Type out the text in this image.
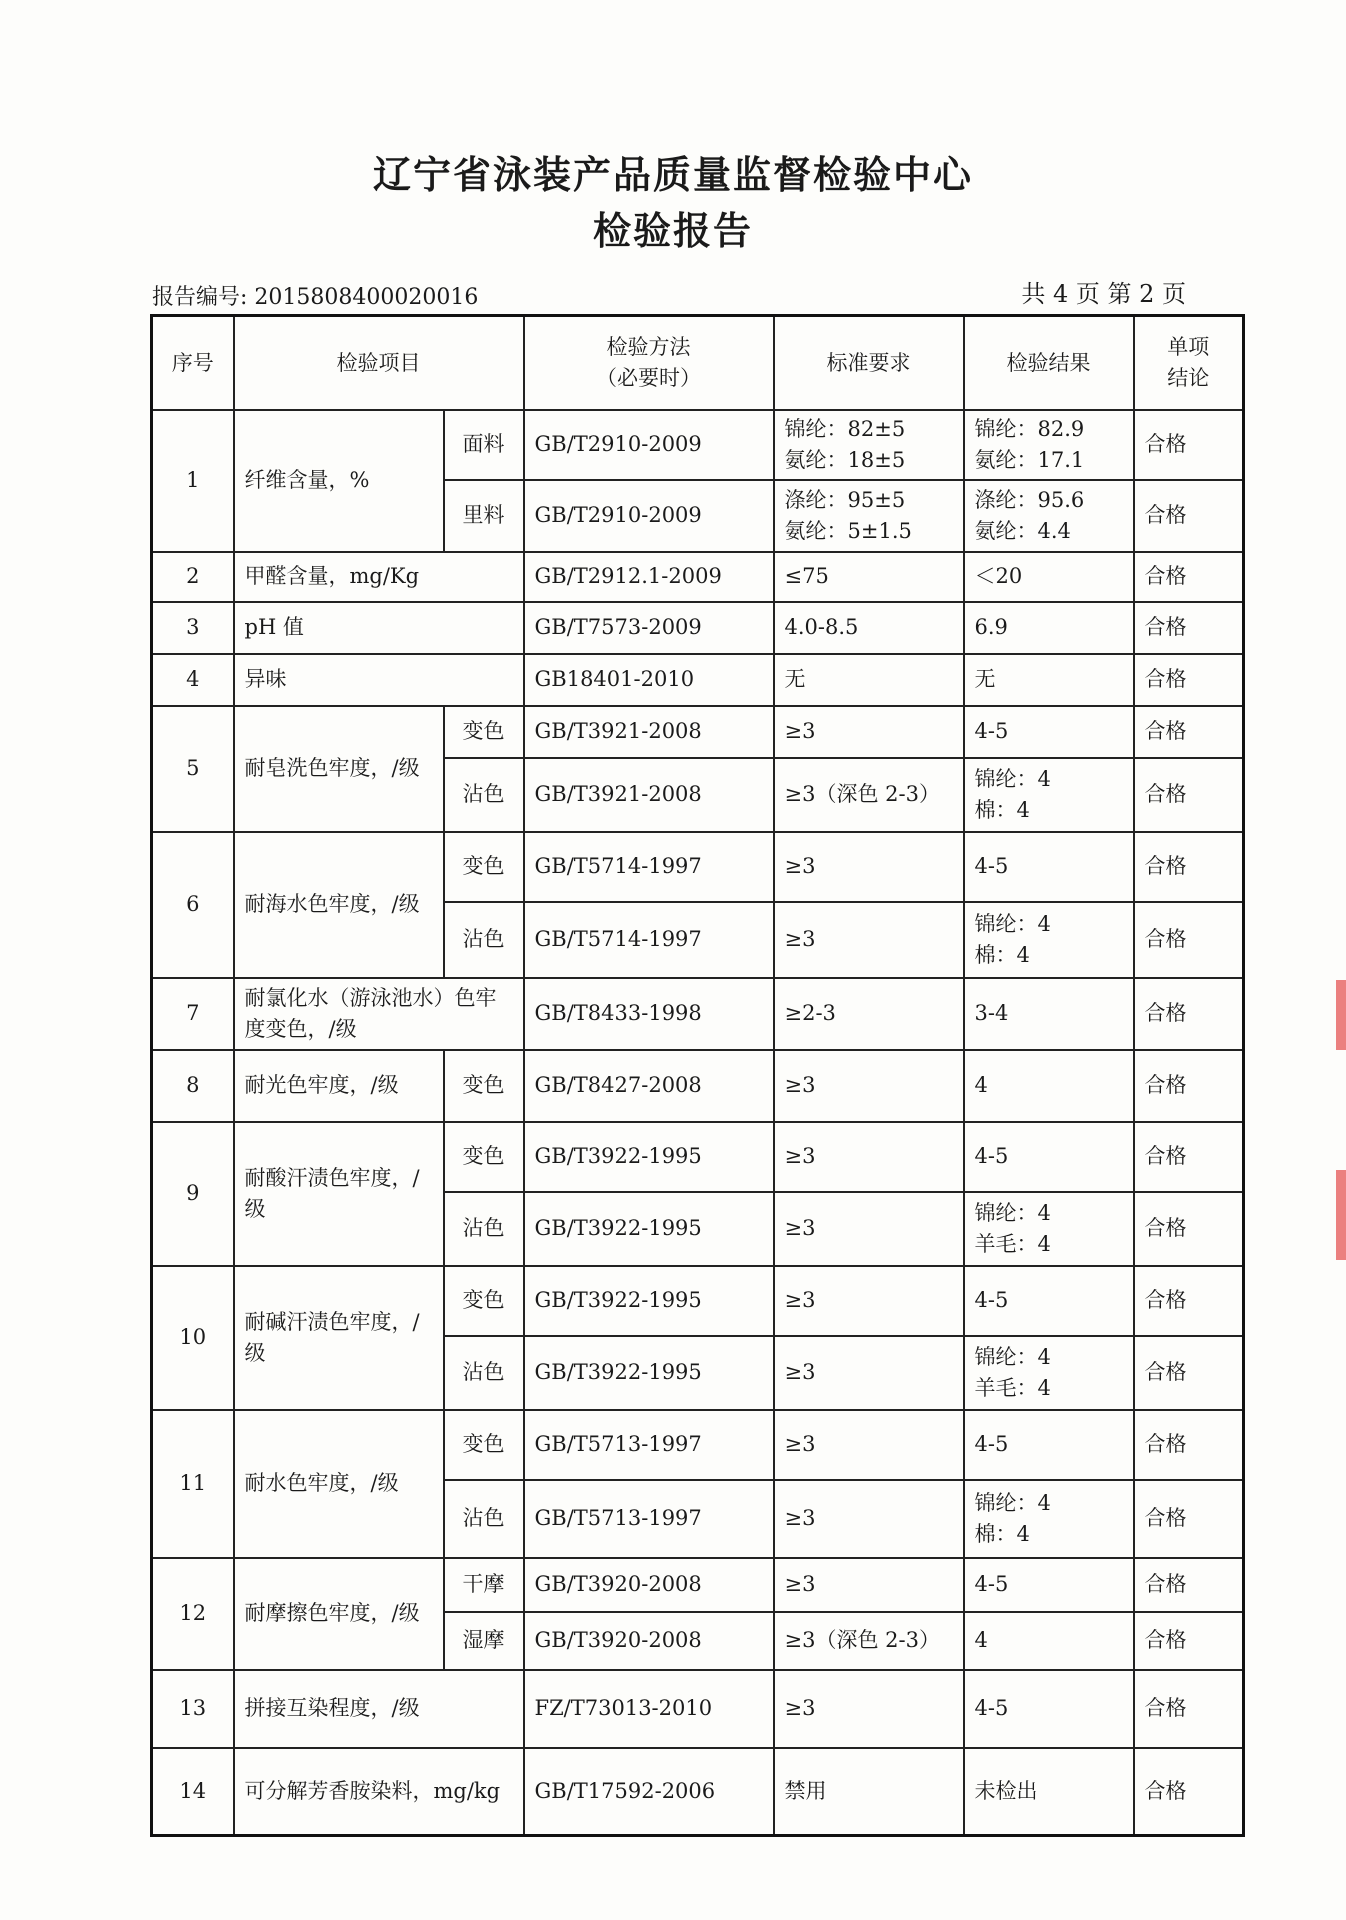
辽宁省泳装产品质量监督检验中心
检验报告
报告编号: 2015808400020016	共 4 页 第 2 页
序号	检验项目		检验方法
（必要时）	标准要求	检验结果	单项
结论
1	纤维含量，%	面料	GB/T2910-2009	锦纶：82±5
氨纶：18±5	锦纶：82.9
氨纶：17.1	合格
		里料	GB/T2910-2009	涤纶：95±5
氨纶：5±1.5	涤纶：95.6
氨纶：4.4	合格
2	甲醛含量，mg/Kg		GB/T2912.1-2009	≤75	＜20	合格
3	pH 值		GB/T7573-2009	4.0-8.5	6.9	合格
4	异味		GB18401-2010	无	无	合格
5	耐皂洗色牢度，/级	变色	GB/T3921-2008	≥3	4-5	合格
		沾色	GB/T3921-2008	≥3（深色 2-3）	锦纶：4
棉：4	合格
6	耐海水色牢度，/级	变色	GB/T5714-1997	≥3	4-5	合格
		沾色	GB/T5714-1997	≥3	锦纶：4
棉：4	合格
7	耐氯化水（游泳池水）色牢度变色，/级		GB/T8433-1998	≥2-3	3-4	合格
8	耐光色牢度，/级	变色	GB/T8427-2008	≥3	4	合格
9	耐酸汗渍色牢度，/级	变色	GB/T3922-1995	≥3	4-5	合格
		沾色	GB/T3922-1995	≥3	锦纶：4
羊毛：4	合格
10	耐碱汗渍色牢度，/级	变色	GB/T3922-1995	≥3	4-5	合格
		沾色	GB/T3922-1995	≥3	锦纶：4
羊毛：4	合格
11	耐水色牢度，/级	变色	GB/T5713-1997	≥3	4-5	合格
		沾色	GB/T5713-1997	≥3	锦纶：4
棉：4	合格
12	耐摩擦色牢度，/级	干摩	GB/T3920-2008	≥3	4-5	合格
		湿摩	GB/T3920-2008	≥3（深色 2-3）	4	合格
13	拼接互染程度，/级		FZ/T73013-2010	≥3	4-5	合格
14	可分解芳香胺染料，mg/kg		GB/T17592-2006	禁用	未检出	合格
